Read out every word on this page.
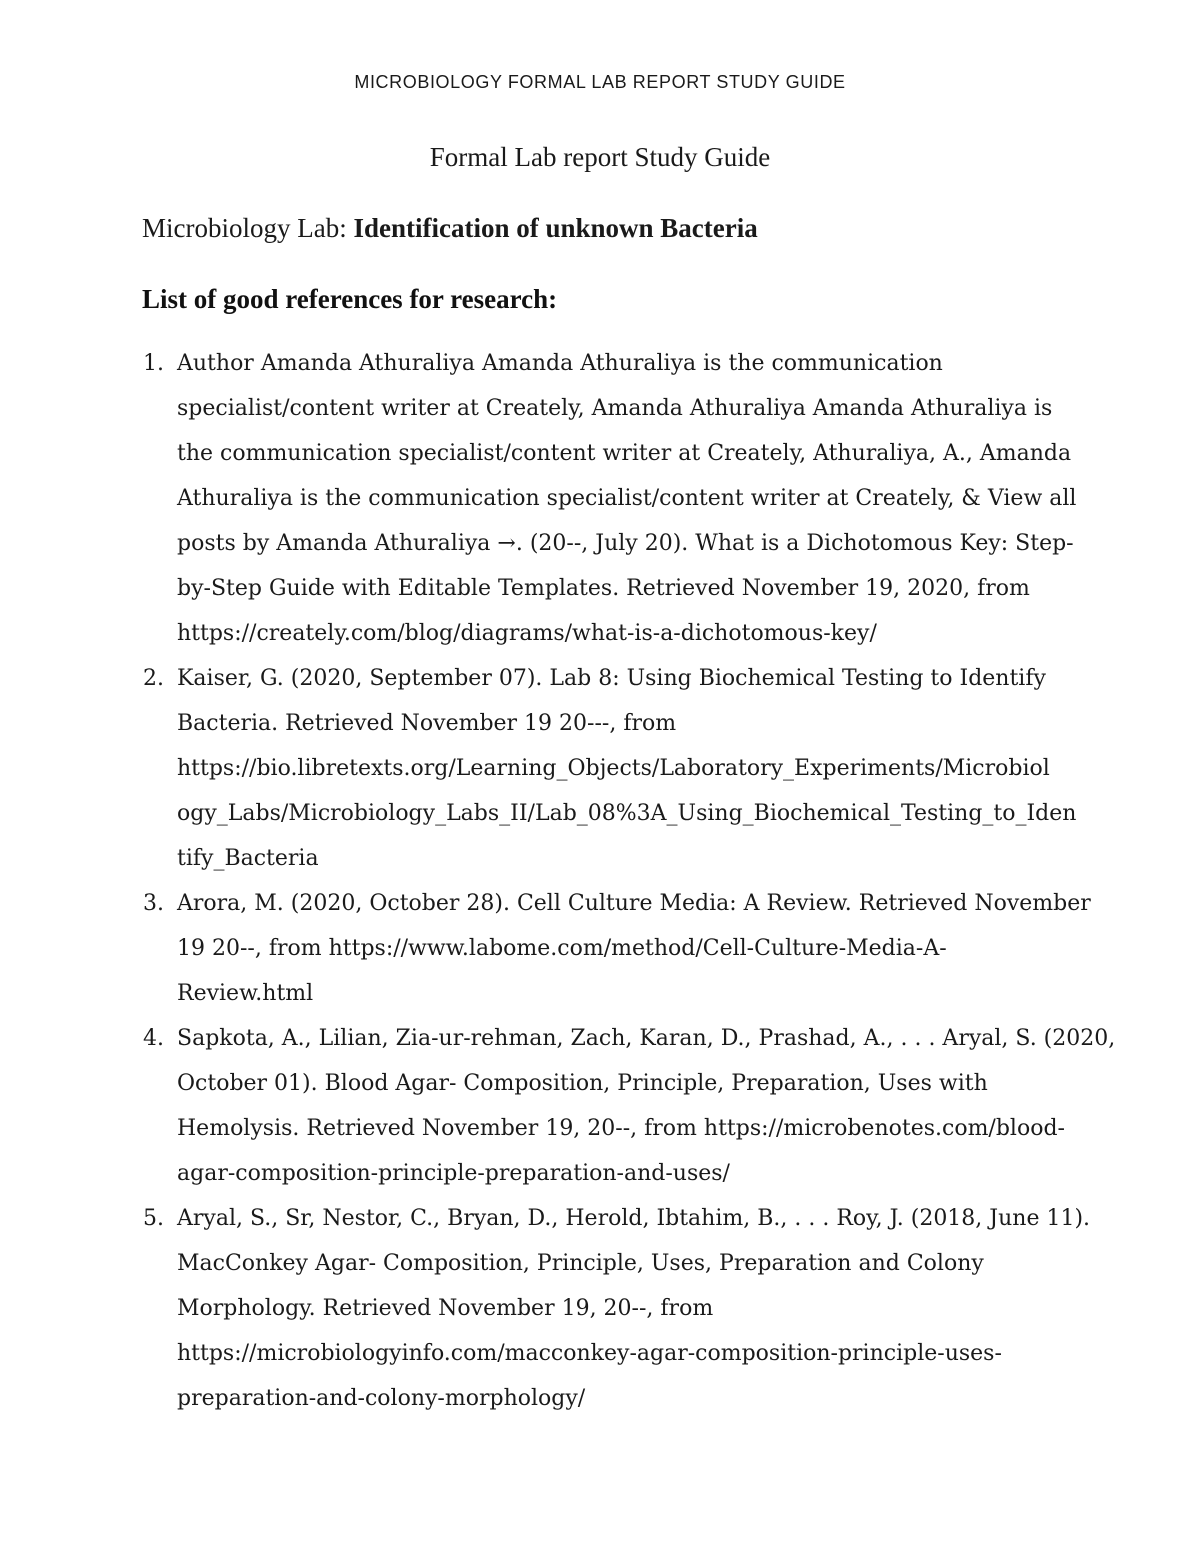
MICROBIOLOGY FORMAL LAB REPORT STUDY GUIDE
Formal Lab report Study Guide
Microbiology Lab: Identification of unknown Bacteria
List of good references for research:
1. Author Amanda Athuraliya Amanda Athuraliya is the communication
specialist/content writer at Creately, Amanda Athuraliya Amanda Athuraliya is
the communication specialist/content writer at Creately, Athuraliya, A., Amanda
Athuraliya is the communication specialist/content writer at Creately, & View all
posts by Amanda Athuraliya →. (20--, July 20). What is a Dichotomous Key: Step-
by-Step Guide with Editable Templates. Retrieved November 19, 2020, from
https://creately.com/blog/diagrams/what-is-a-dichotomous-key/
2. Kaiser, G. (2020, September 07). Lab 8: Using Biochemical Testing to Identify
Bacteria. Retrieved November 19 20---, from
https://bio.libretexts.org/Learning_Objects/Laboratory_Experiments/Microbiol
ogy_Labs/Microbiology_Labs_II/Lab_08%3A_Using_Biochemical_Testing_to_Iden
tify_Bacteria
3. Arora, M. (2020, October 28). Cell Culture Media: A Review. Retrieved November
19 20--, from https://www.labome.com/method/Cell-Culture-Media-A-
Review.html
4. Sapkota, A., Lilian, Zia-ur-rehman, Zach, Karan, D., Prashad, A., . . . Aryal, S. (2020,
October 01). Blood Agar- Composition, Principle, Preparation, Uses with
Hemolysis. Retrieved November 19, 20--, from https://microbenotes.com/blood-
agar-composition-principle-preparation-and-uses/
5. Aryal, S., Sr, Nestor, C., Bryan, D., Herold, Ibtahim, B., . . . Roy, J. (2018, June 11).
MacConkey Agar- Composition, Principle, Uses, Preparation and Colony
Morphology. Retrieved November 19, 20--, from
https://microbiologyinfo.com/macconkey-agar-composition-principle-uses-
preparation-and-colony-morphology/
